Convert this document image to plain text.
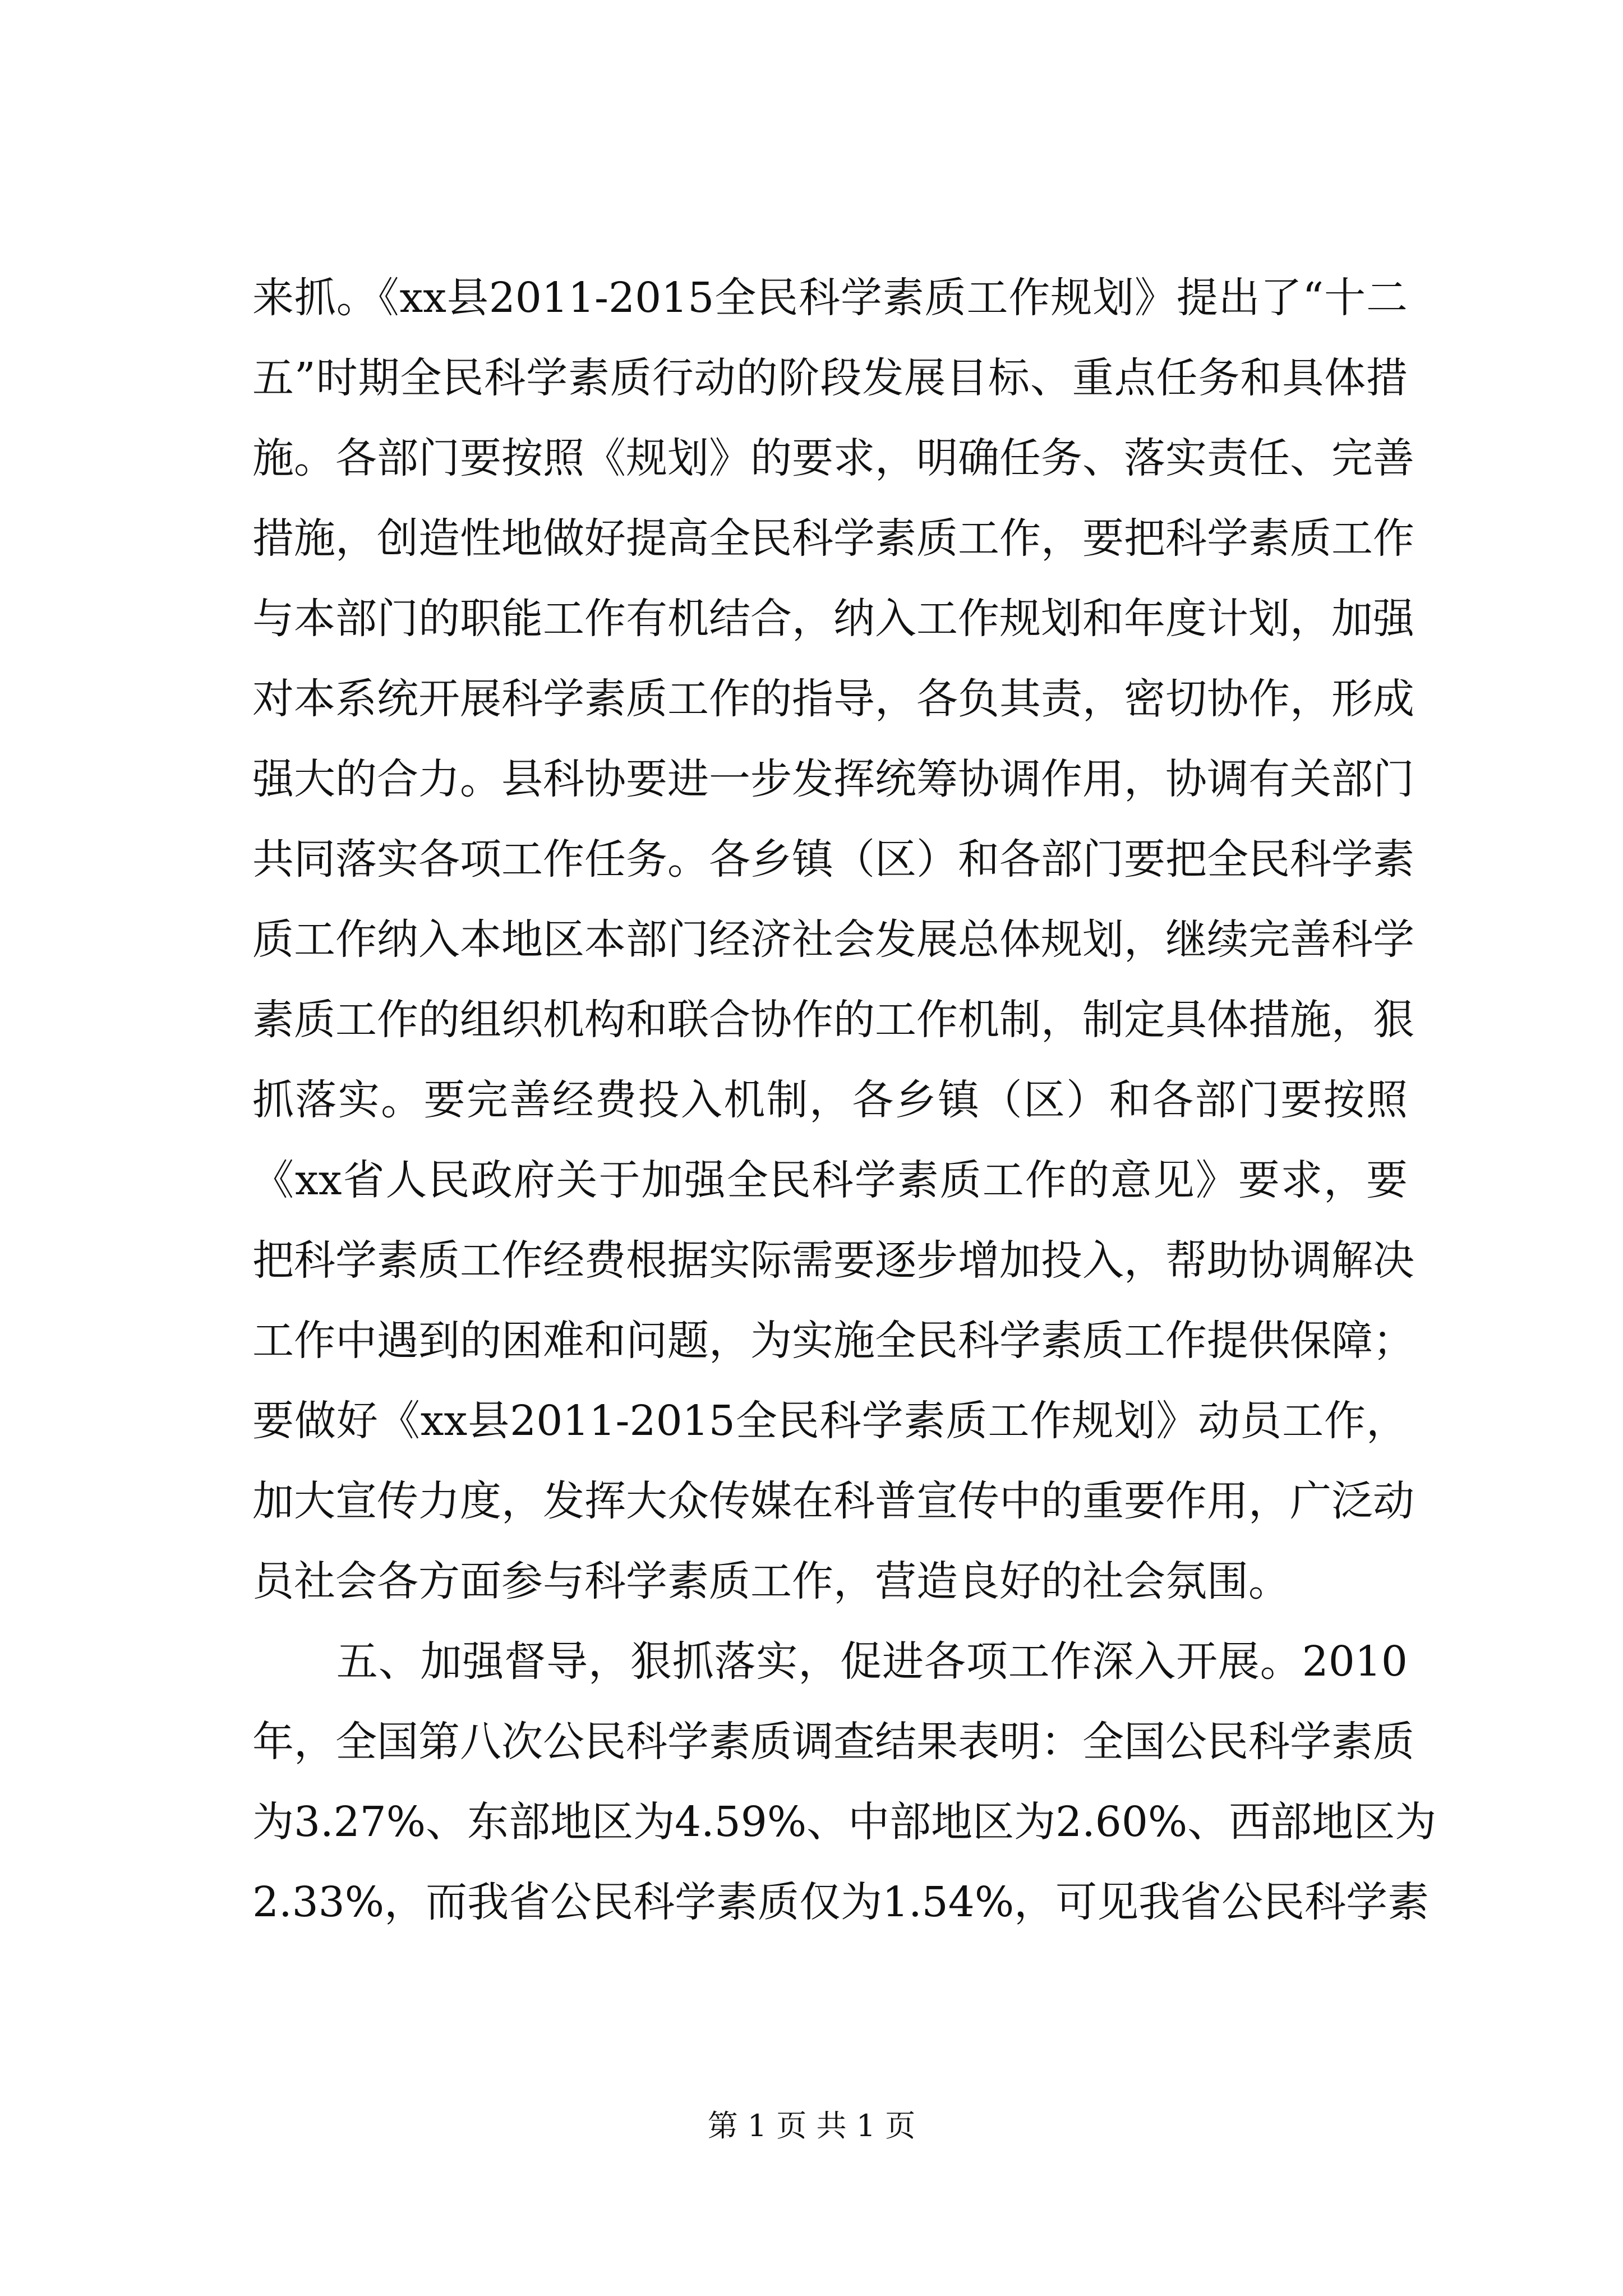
来抓。《xx县2011-2015全民科学素质工作规划》提出了“十二
五”时期全民科学素质行动的阶段发展目标、重点任务和具体措
施。各部门要按照《规划》的要求，明确任务、落实责任、完善
措施，创造性地做好提高全民科学素质工作，要把科学素质工作
与本部门的职能工作有机结合，纳入工作规划和年度计划，加强
对本系统开展科学素质工作的指导，各负其责，密切协作，形成
强大的合力。县科协要进一步发挥统筹协调作用，协调有关部门
共同落实各项工作任务。各乡镇（区）和各部门要把全民科学素
质工作纳入本地区本部门经济社会发展总体规划，继续完善科学
素质工作的组织机构和联合协作的工作机制，制定具体措施，狠
抓落实。要完善经费投入机制，各乡镇（区）和各部门要按照
《xx省人民政府关于加强全民科学素质工作的意见》要求，要
把科学素质工作经费根据实际需要逐步增加投入，帮助协调解决
工作中遇到的困难和问题，为实施全民科学素质工作提供保障；
要做好《xx县2011-2015全民科学素质工作规划》动员工作，
加大宣传力度，发挥大众传媒在科普宣传中的重要作用，广泛动
员社会各方面参与科学素质工作，营造良好的社会氛围。
　　五、加强督导，狠抓落实，促进各项工作深入开展。2010
年，全国第八次公民科学素质调查结果表明：全国公民科学素质
为3.27%、东部地区为4.59%、中部地区为2.60%、西部地区为
2.33%，而我省公民科学素质仅为1.54%，可见我省公民科学素
第 1 页 共 1 页
